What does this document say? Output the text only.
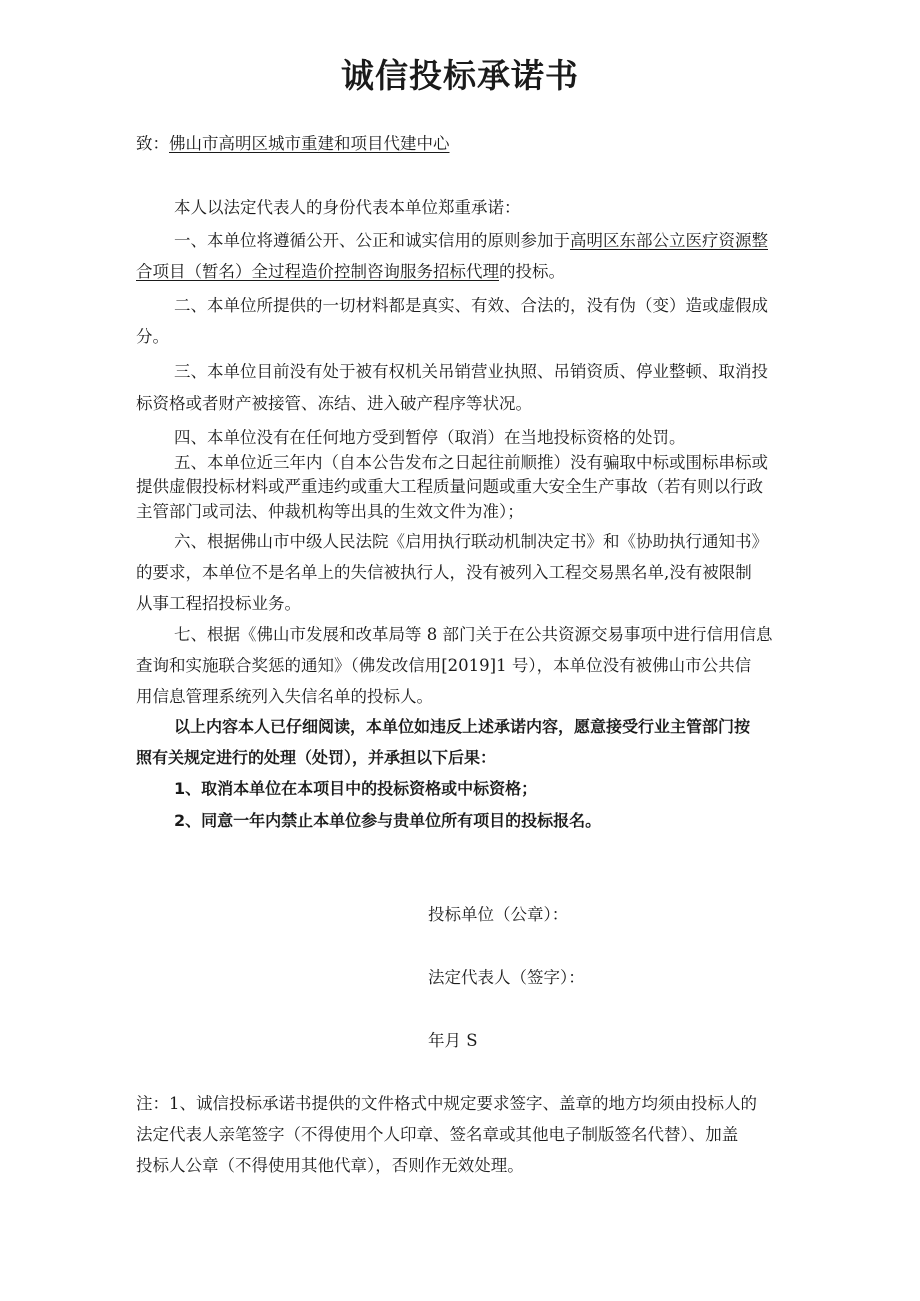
诚信投标承诺书

致：佛山市高明区城市重建和项目代建中心

本人以法定代表人的身份代表本单位郑重承诺：

一、本单位将遵循公开、公正和诚实信用的原则参加于高明区东部公立医疗资源整

合项目（暂名）全过程造价控制咨询服务招标代理的投标。

二、本单位所提供的一切材料都是真实、有效、合法的，没有伪（变）造或虚假成

分。

三、本单位目前没有处于被有权机关吊销营业执照、吊销资质、停业整顿、取消投

标资格或者财产被接管、冻结、进入破产程序等状况。

四、本单位没有在任何地方受到暂停（取消）在当地投标资格的处罚。

五、本单位近三年内（自本公告发布之日起往前顺推）没有骗取中标或围标串标或

提供虚假投标材料或严重违约或重大工程质量问题或重大安全生产事故（若有则以行政

主管部门或司法、仲裁机构等出具的生效文件为准）；

六、根据佛山市中级人民法院《启用执行联动机制决定书》和《协助执行通知书》

的要求，本单位不是名单上的失信被执行人，没有被列入工程交易黑名单,没有被限制

从事工程招投标业务。

七、根据《佛山市发展和改革局等 8 部门关于在公共资源交易事项中进行信用信息

查询和实施联合奖惩的通知》（佛发改信用[2019]1 号），本单位没有被佛山市公共信

用信息管理系统列入失信名单的投标人。

以上内容本人已仔细阅读，本单位如违反上述承诺内容，愿意接受行业主管部门按

照有关规定进行的处理（处罚），并承担以下后果：

1、取消本单位在本项目中的投标资格或中标资格；

2、同意一年内禁止本单位参与贵单位所有项目的投标报名。

投标单位（公章）：

法定代表人（签字）：

年月 S

注：1、诚信投标承诺书提供的文件格式中规定要求签字、盖章的地方均须由投标人的

法定代表人亲笔签字（不得使用个人印章、签名章或其他电子制版签名代替）、加盖

投标人公章（不得使用其他代章），否则作无效处理。
